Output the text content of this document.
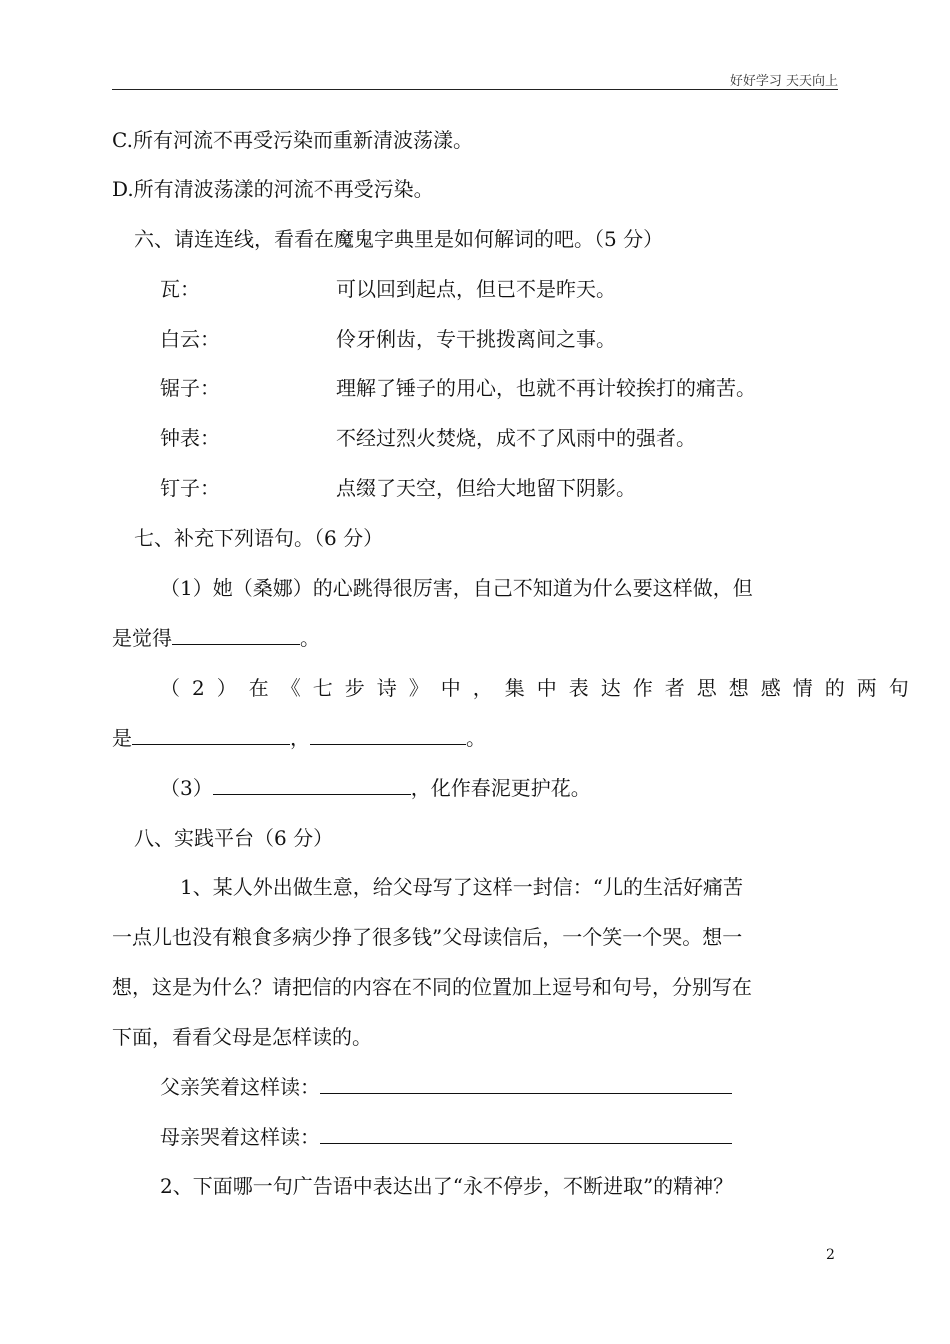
好好学习 天天向上
C.所有河流不再受污染而重新清波荡漾。
D.所有清波荡漾的河流不再受污染。
六、请连连线，看看在魔鬼字典里是如何解词的吧。（5 分）
瓦：	可以回到起点，但已不是昨天。
白云：	伶牙俐齿，专干挑拨离间之事。
锯子：	理解了锤子的用心，也就不再计较挨打的痛苦。
钟表：	不经过烈火焚烧，成不了风雨中的强者。
钉子：	点缀了天空，但给大地留下阴影。
七、补充下列语句。（6 分）
（1）她（桑娜）的心跳得很厉害，自己不知道为什么要这样做，但
是觉得	。
（2）在《七步诗》中，集中表达作者思想感情的两句
是	，	。
（3）	，化作春泥更护花。
八、实践平台（6 分）
1、某人外出做生意，给父母写了这样一封信：“儿的生活好痛苦
一点儿也没有粮食多病少挣了很多钱”父母读信后，一个笑一个哭。想一
想，这是为什么？请把信的内容在不同的位置加上逗号和句号，分别写在
下面，看看父母是怎样读的。
父亲笑着这样读：
母亲哭着这样读：
2、下面哪一句广告语中表达出了“永不停步，不断进取”的精神？
2
